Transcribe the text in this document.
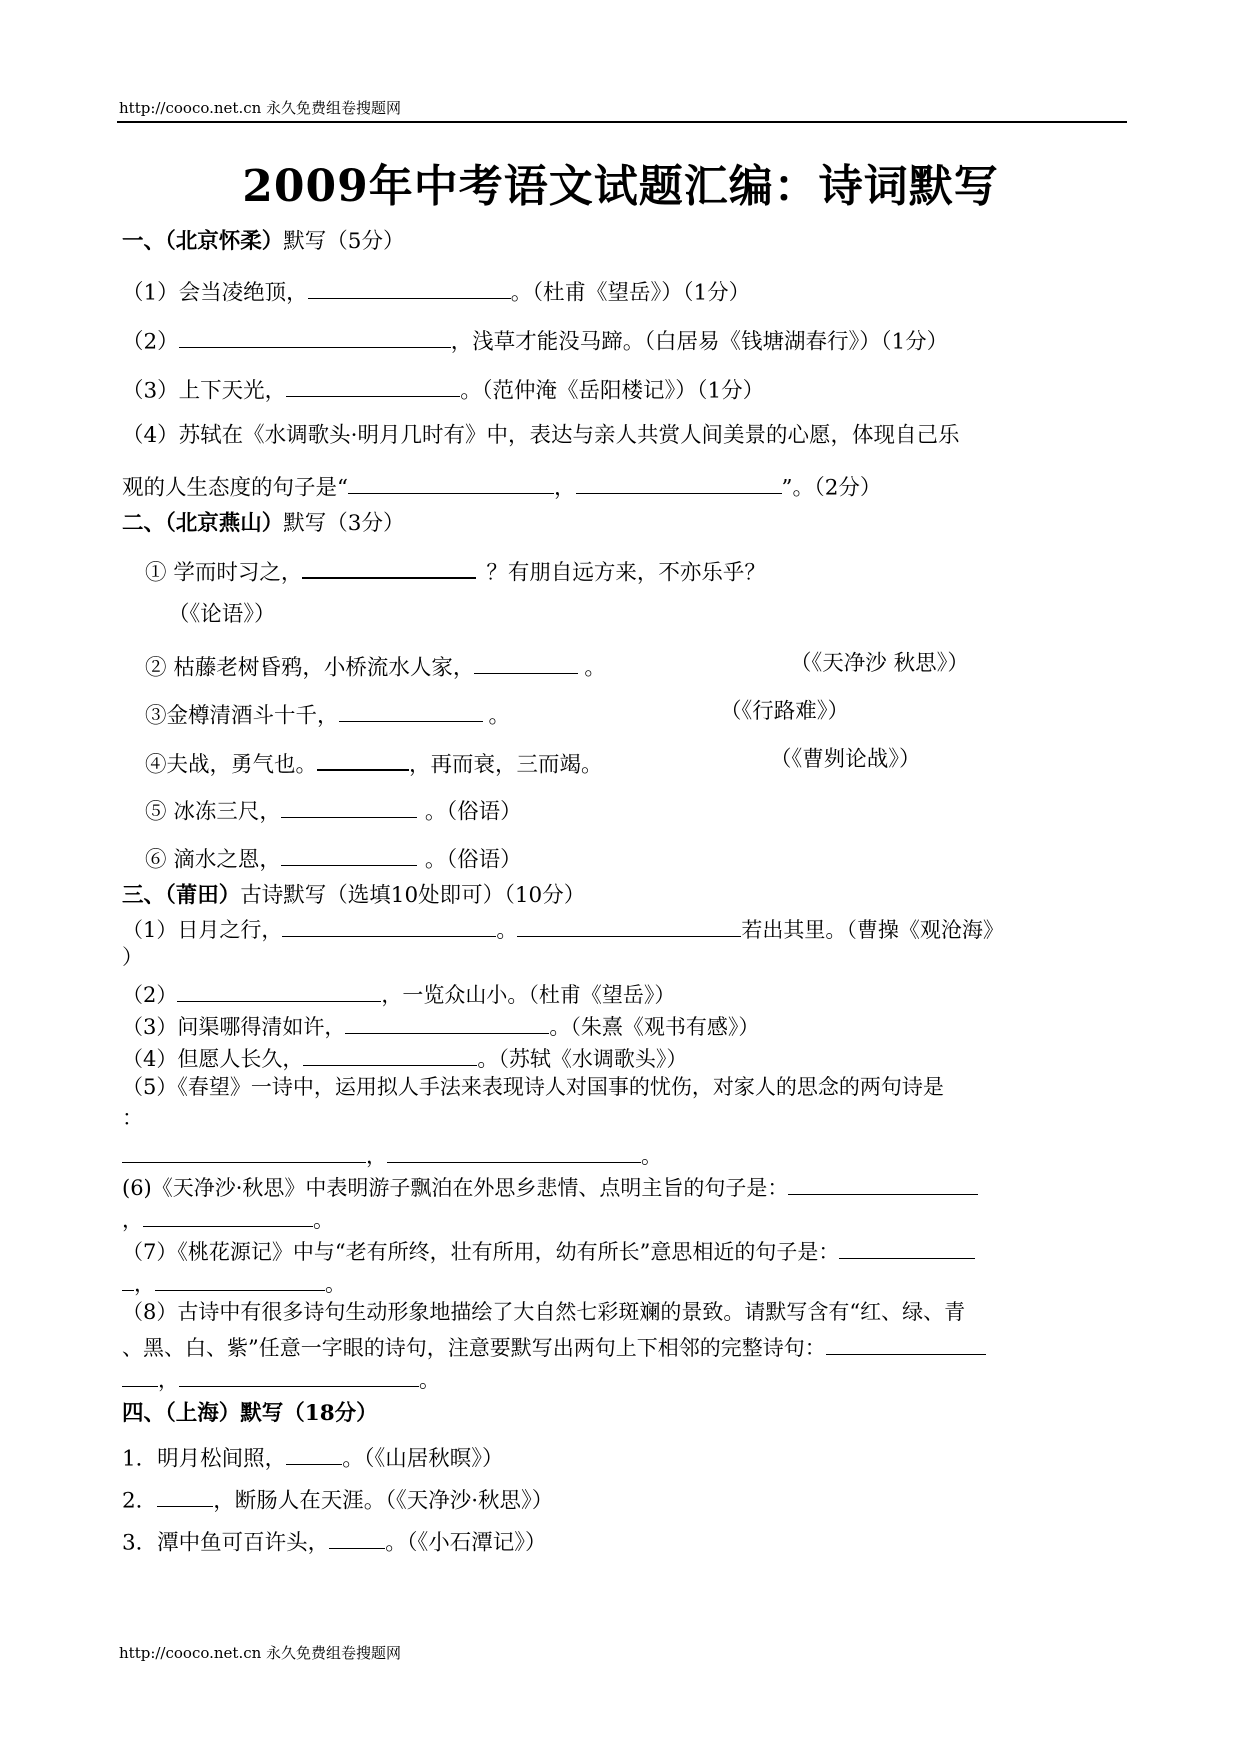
http://cooco.net.cn 永久免费组卷搜题网
2009年中考语文试题汇编：诗词默写
一、（北京怀柔）默写（5分）
（1）会当凌绝顶，	。（杜甫《望岳》）（1分）
（2）	，浅草才能没马蹄。（白居易《钱塘湖春行》）（1分）
（3）上下天光，	。（范仲淹《岳阳楼记》）（1分）
（4）苏轼在《水调歌头·明月几时有》中，表达与亲人共赏人间美景的心愿，体现自己乐
观的人生态度的句子是“	，	”。（2分）
二、（北京燕山）默写（3分）
① 学而时习之，	？有朋自远方来，不亦乐乎？
（《论语》）
② 枯藤老树昏鸦，小桥流水人家，	。	（《天净沙 秋思》）
③金樽清酒斗十千，	。	（《行路难》）
④夫战，勇气也。	，再而衰，三而竭。	（《曹刿论战》）
⑤ 冰冻三尺，	。（俗语）
⑥ 滴水之恩，	。（俗语）
三、（莆田）古诗默写（选填10处即可）（10分）
（1）日月之行，	。	若出其里。（曹操《观沧海》
）
（2）	，一览众山小。（杜甫《望岳》）
（3）问渠哪得清如许，	。（朱熹《观书有感》）
（4）但愿人长久，	。（苏轼《水调歌头》）
（5）《春望》一诗中，运用拟人手法来表现诗人对国事的忧伤，对家人的思念的两句诗是
：
，	。
(6)《天净沙·秋思》中表明游子飘泊在外思乡悲情、点明主旨的句子是：
，	。
（7）《桃花源记》中与“老有所终，壮有所用，幼有所长”意思相近的句子是：
，	。
（8）古诗中有很多诗句生动形象地描绘了大自然七彩斑斓的景致。请默写含有“红、绿、青
、黑、白、紫”任意一字眼的诗句，注意要默写出两句上下相邻的完整诗句：
，	。
四、（上海）默写（18分）
1．明月松间照，	。（《山居秋暝》）
2．	，断肠人在天涯。（《天净沙·秋思》）
3．潭中鱼可百许头，	。（《小石潭记》）
http://cooco.net.cn 永久免费组卷搜题网
